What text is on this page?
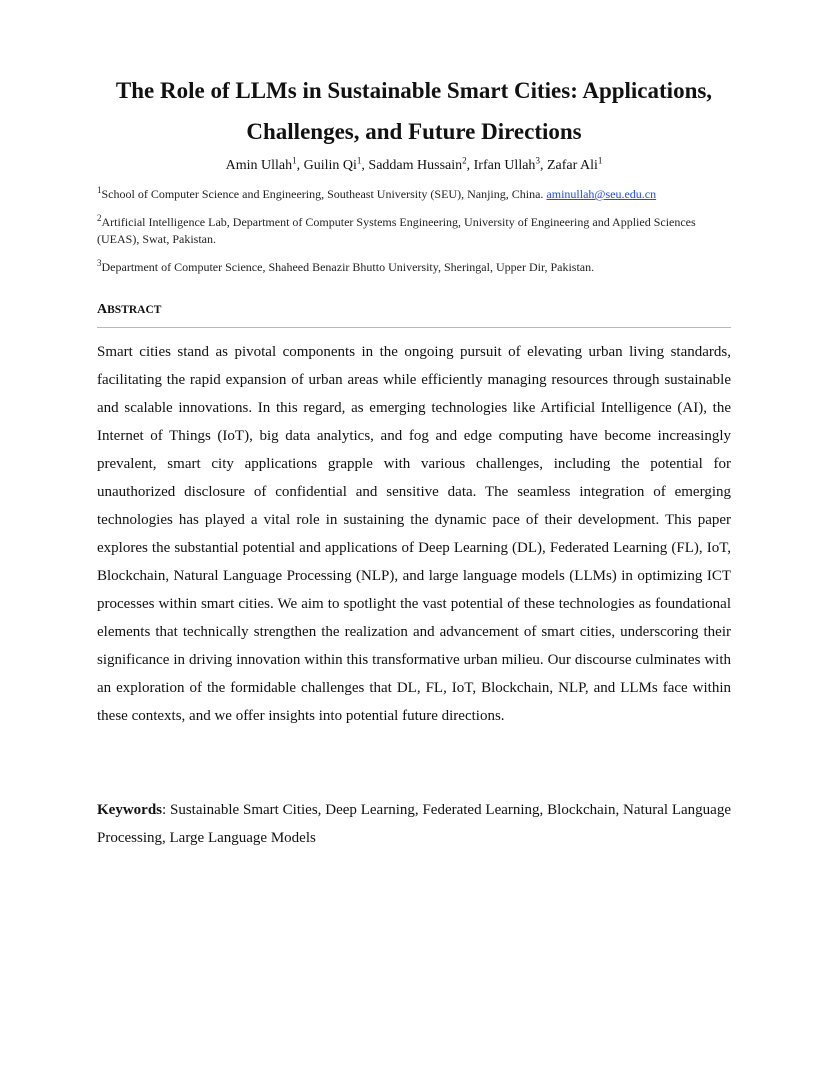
The Role of LLMs in Sustainable Smart Cities: Applications, Challenges, and Future Directions
Amin Ullah$^1$, Guilin Qi$^1$, Saddam Hussain$^2$, Irfan Ullah$^3$, Zafar Ali$^1$
$^1$School of Computer Science and Engineering, Southeast University (SEU), Nanjing, China. aminullah@seu.edu.cn
$^2$Artificial Intelligence Lab, Department of Computer Systems Engineering, University of Engineering and Applied Sciences (UEAS), Swat, Pakistan.
$^3$Department of Computer Science, Shaheed Benazir Bhutto University, Sheringal, Upper Dir, Pakistan.
ABSTRACT

Smart cities stand as pivotal components in the ongoing pursuit of elevating urban living standards, facilitating the rapid expansion of urban areas while efficiently managing resources through sustainable and scalable innovations. In this regard, as emerging technologies like Artificial Intelligence (AI), the Internet of Things (IoT), big data analytics, and fog and edge computing have become increasingly prevalent, smart city applications grapple with various challenges, including the potential for unauthorized disclosure of confidential and sensitive data. The seamless integration of emerging technologies has played a vital role in sustaining the dynamic pace of their development. This paper explores the substantial potential and applications of Deep Learning (DL), Federated Learning (FL), IoT, Blockchain, Natural Language Processing (NLP), and large language models (LLMs) in optimizing ICT processes within smart cities. We aim to spotlight the vast potential of these technologies as foundational elements that technically strengthen the realization and advancement of smart cities, underscoring their significance in driving innovation within this transformative urban milieu. Our discourse culminates with an exploration of the formidable challenges that DL, FL, IoT, Blockchain, NLP, and LLMs face within these contexts, and we offer insights into potential future directions.

Keywords: Sustainable Smart Cities, Deep Learning, Federated Learning, Blockchain, Natural Language Processing, Large Language Models
